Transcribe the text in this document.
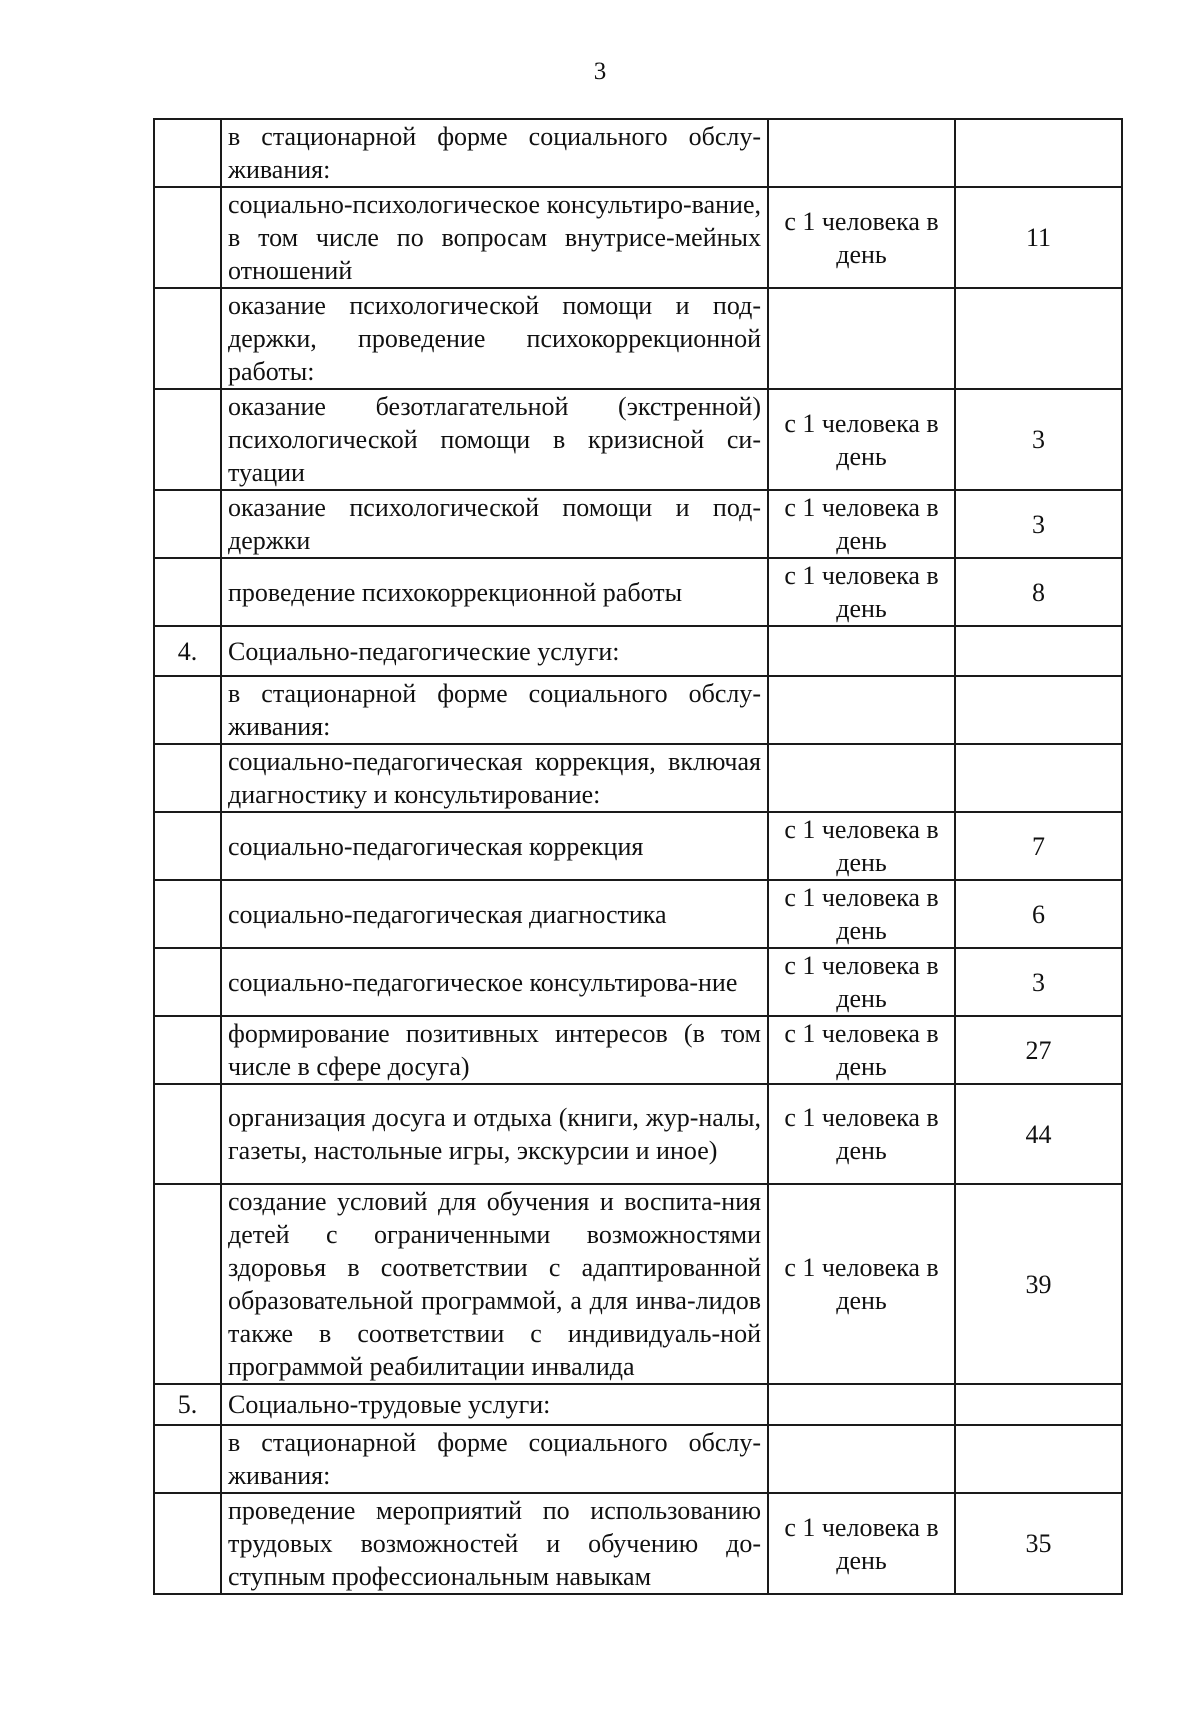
3

	в стационарной форме социального обслу-живания:		

	социально-психологическое консультиро-вание, в том числе по вопросам внутрисе-мейных отношений	с 1 человека в день	11

	оказание психологической помощи и под-держки, проведение психокоррекционной работы:		

	оказание безотлагательной (экстренной) психологической помощи в кризисной си-туации	с 1 человека в день	3

	оказание психологической помощи и под-держки	с 1 человека в день	3

	проведение психокоррекционной работы	с 1 человека в день	8
4.	Социально-педагогические услуги:		

	в стационарной форме социального обслу-живания:		

	социально-педагогическая коррекция, включая диагностику и консультирование:		

	социально-педагогическая коррекция	с 1 человека в день	7

	социально-педагогическая диагностика	с 1 человека в день	6

	социально-педагогическое консультирова-ние	с 1 человека в день	3

	формирование позитивных интересов (в том числе в сфере досуга)	с 1 человека в день	27

	организация досуга и отдыха (книги, жур-налы, газеты, настольные игры, экскурсии и иное)	с 1 человека в день	44

	создание условий для обучения и воспита-ния детей с ограниченными возможностями здоровья в соответствии с адаптированной образовательной программой, а для инва-лидов также в соответствии с индивидуаль-ной программой реабилитации инвалида	с 1 человека в день	39
5.	Социально-трудовые услуги:		

	в стационарной форме социального обслу-живания:		

	проведение мероприятий по использованию трудовых возможностей и обучению до-ступным профессиональным навыкам	с 1 человека в день	35
